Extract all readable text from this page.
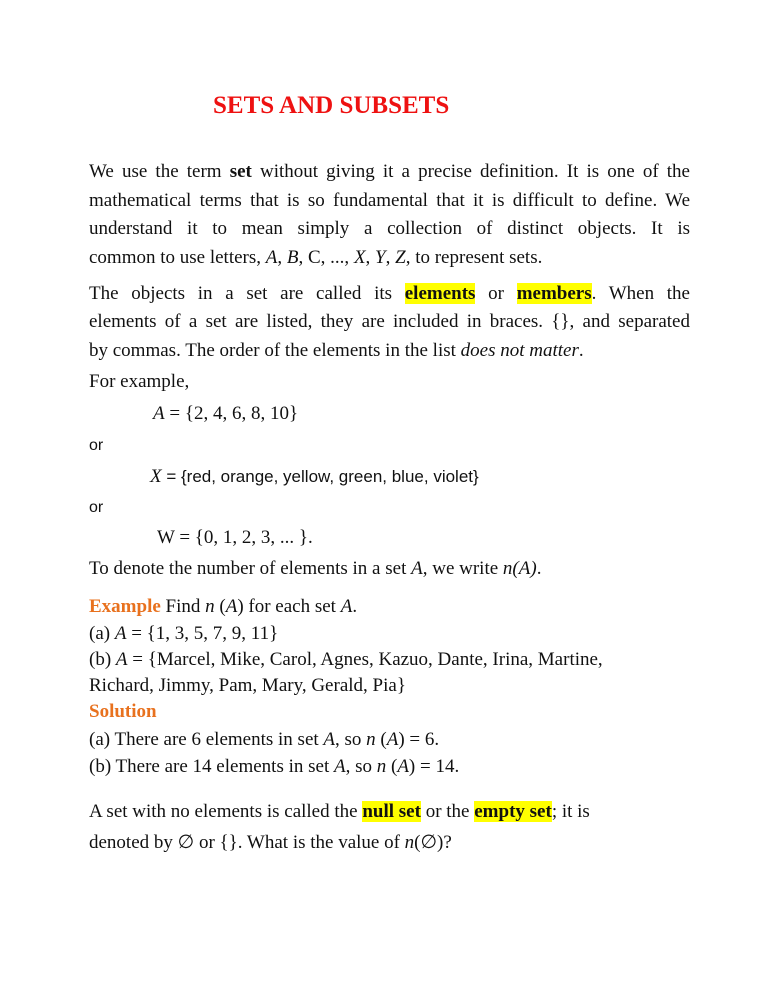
SETS AND SUBSETS
We use the term set without giving it a precise definition. It is one of the
mathematical terms that is so fundamental that it is difficult to define. We
understand it to mean simply a collection of distinct objects. It is
common to use letters, A, B, C, ..., X, Y, Z, to represent sets.
The objects in a set are called its elements or members. When the
elements of a set are listed, they are included in braces. {}, and separated
by commas. The order of the elements in the list does not matter.
For example,
A = {2, 4, 6, 8, 10}
or
X = {red, orange, yellow, green, blue, violet}
or
W = {0, 1, 2, 3, ... }.
To denote the number of elements in a set A, we write n(A).
Example Find n (A) for each set A.
(a) A = {1, 3, 5, 7, 9, 11}
(b) A = {Marcel, Mike, Carol, Agnes, Kazuo, Dante, Irina, Martine,
Richard, Jimmy, Pam, Mary, Gerald, Pia}
Solution
(a) There are 6 elements in set A, so n (A) = 6.
(b) There are 14 elements in set A, so n (A) = 14.
A set with no elements is called the null set or the empty set; it is
denoted by ∅ or {}. What is the value of n(∅)?
